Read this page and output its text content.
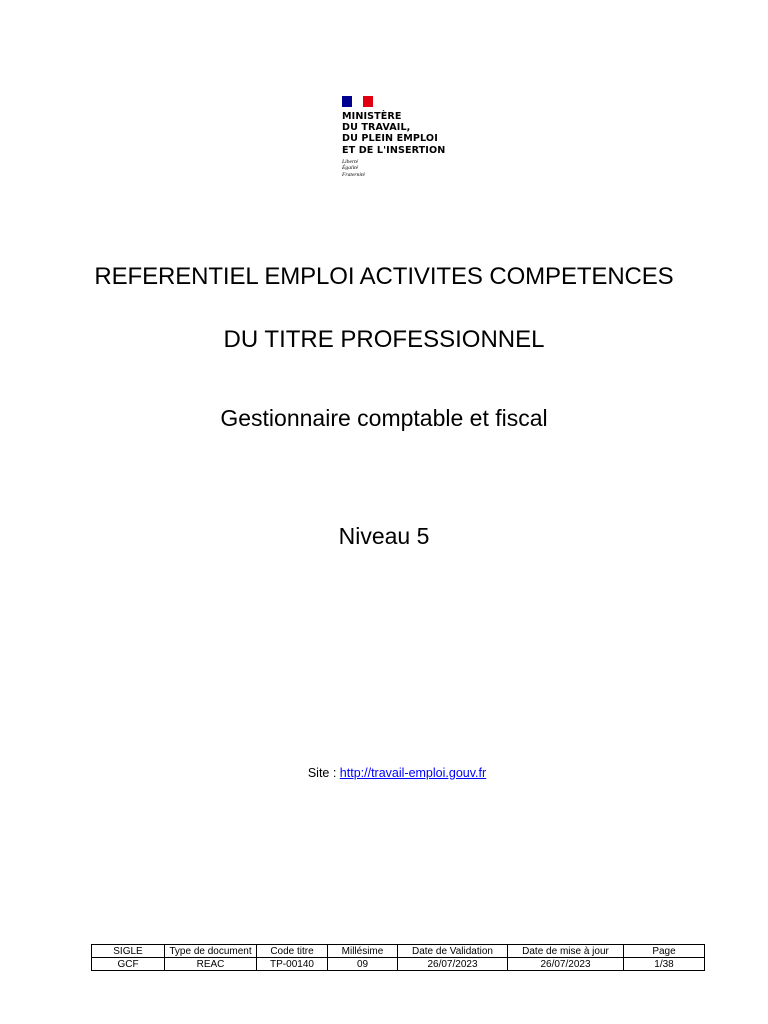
MINISTÈRE
DU TRAVAIL,
DU PLEIN EMPLOI
ET DE L'INSERTION
Liberté
Égalité
Fraternité
REFERENTIEL EMPLOI ACTIVITES COMPETENCES
DU TITRE PROFESSIONNEL
Gestionnaire comptable et fiscal
Niveau 5
Site : http://travail-emploi.gouv.fr
SIGLE	Type de document	Code titre	Millésime	Date de Validation	Date de mise à jour	Page
GCF	REAC	TP-00140	09	26/07/2023	26/07/2023	1/38
